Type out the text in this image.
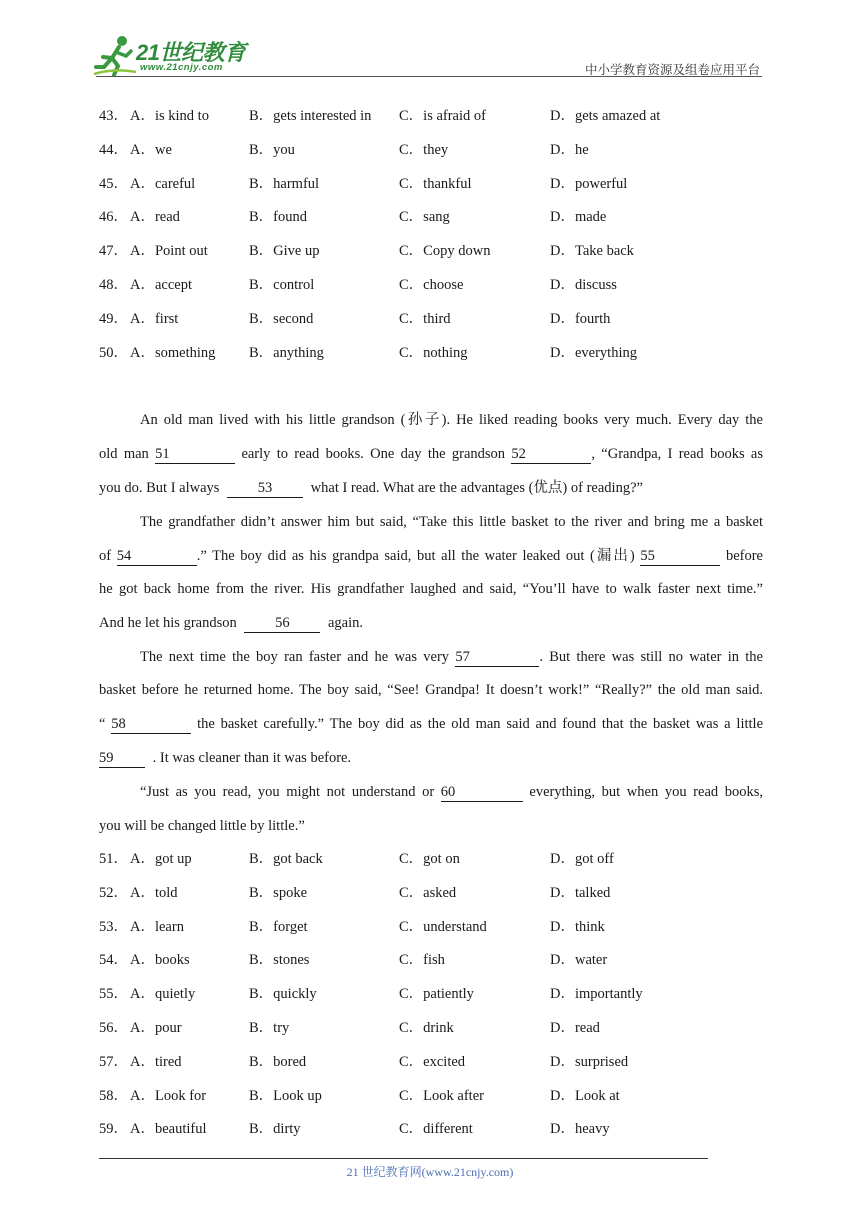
21世纪教育
www.21cnjy.com	中小学教育资源及组卷应用平台
43． A．is kind to	B．gets interested in C．is afraid of	D．gets amazed at
44． A．we	B．you	C．they	D．he
45． A．careful	B．harmful	C．thankful	D．powerful
46． A．read	B．found	C．sang	D．made
47． A．Point out	B．Give up	C．Copy down	D．Take back
48． A．accept	B．control	C．choose	D．discuss
49． A．first	B．second	C．third	D．fourth
50． A．something B．anything	C．nothing	D．everything
An old man lived with his little grandson (孙子). He liked reading books very much. Every day the
old man 51	early to read books. One day the grandson 52	, “Grandpa, I read books as
you do. But I always	53	what I read. What are the advantages (优点) of reading?”
The grandfather didn’t answer him but said, “Take this little basket to the river and bring me a basket
of 54	.” The boy did as his grandpa said, but all the water leaked out (漏出) 55	before
he got back home from the river. His grandfather laughed and said, “You’ll have to walk faster next time.”
And he let his grandson	56	again.
The next time the boy ran faster and he was very 57	. But there was still no water in the
basket before he returned home. The boy said, “See! Grandpa! It doesn’t work!” “Really?” the old man said.
“ 58	the basket carefully.” The boy did as the old man said and found that the basket was a little
59	. It was cleaner than it was before.
“Just as you read, you might not understand or 60	everything, but when you read books,
you will be changed little by little.”
51． A．got up	B．got back	C．got on	D．got off
52． A．told	B．spoke	C．asked	D．talked
53． A．learn	B．forget	C．understand	D．think
54． A．books	B．stones	C．fish	D．water
55． A．quietly	B．quickly	C．patiently	D．importantly
56． A．pour	B．try	C．drink	D．read
57． A．tired	B．bored	C．excited	D．surprised
58． A．Look for	B．Look up	C．Look after	D．Look at
59． A．beautiful	B．dirty	C．different	D．heavy
21 世纪教育网(www.21cnjy.com)
